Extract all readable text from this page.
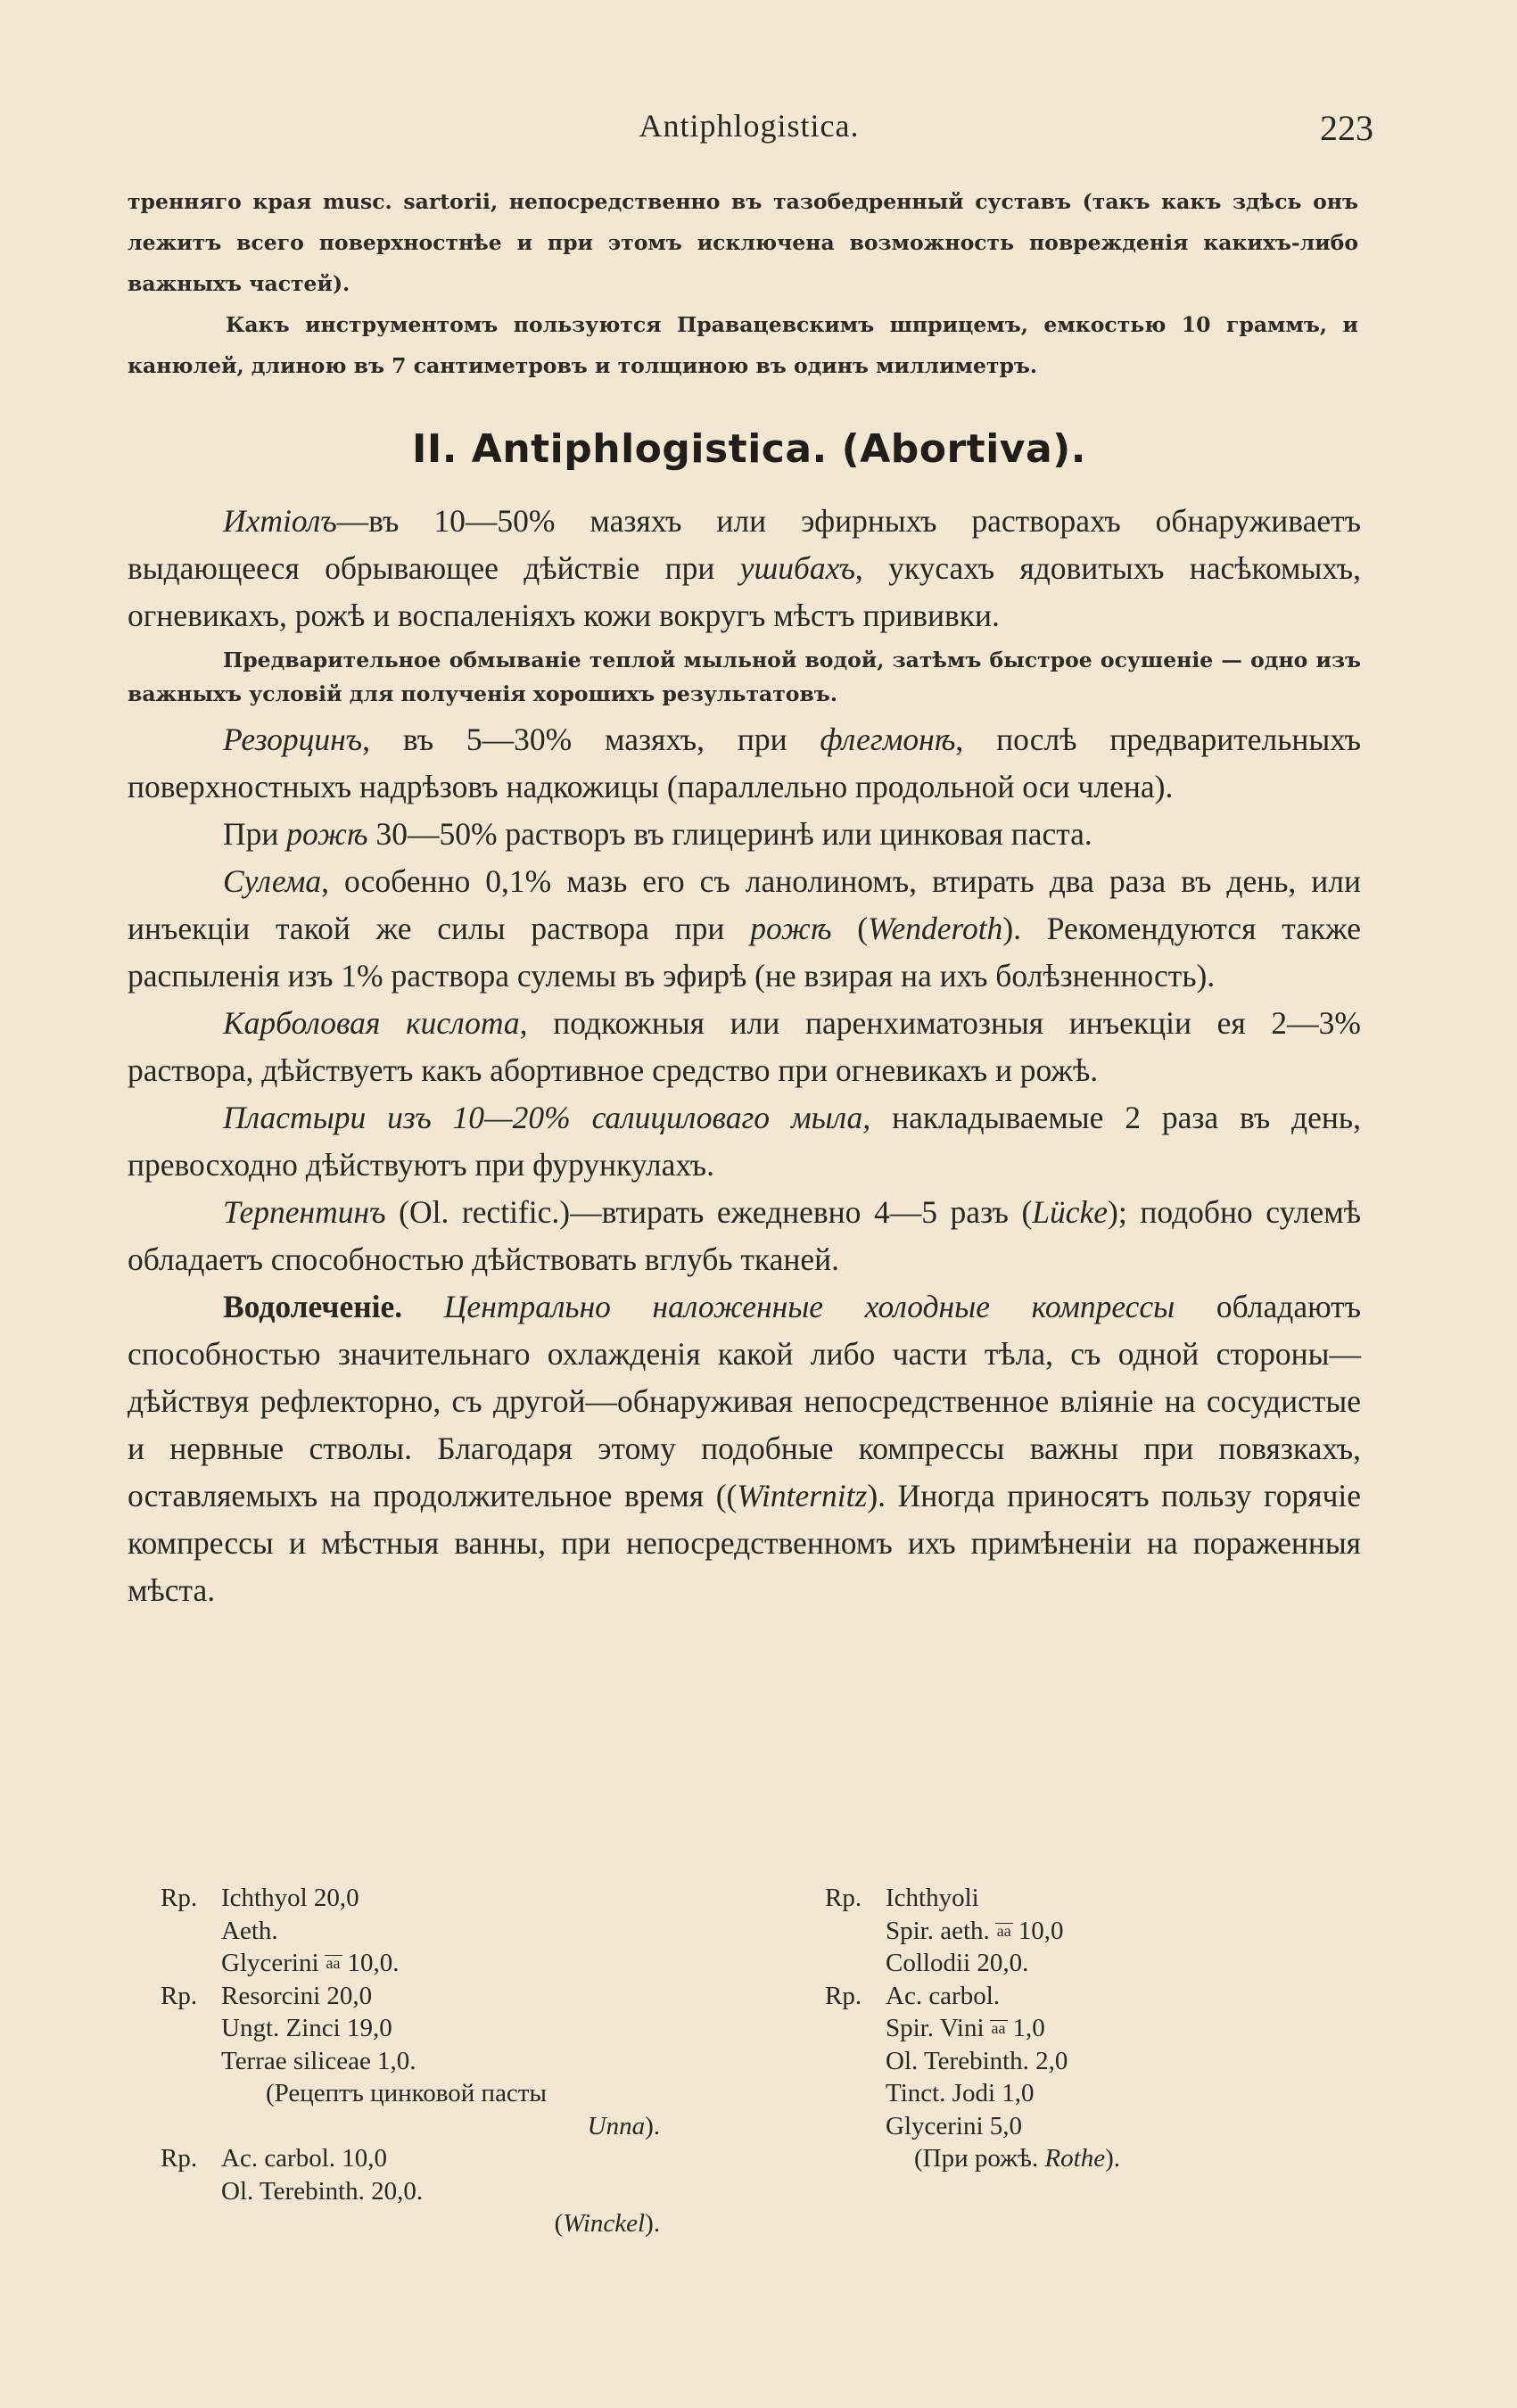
Antiphlogistica.	223

тренняго края musc. sartorii, непосредственно въ тазобедренный суставъ (такъ какъ здѣсь онъ лежитъ всего поверхностнѣе и при этомъ исключена возможность поврежденія какихъ-либо важныхъ частей).

Какъ инструментомъ пользуются Правацевскимъ шприцемъ, емкостью 10 граммъ, и канюлей, длиною въ 7 сантиметровъ и толщиною въ одинъ миллиметръ.

II. Antiphlogistica. (Abortiva).

Ихтіолъ—въ 10—50% мазяхъ или эфирныхъ растворахъ обнаруживаетъ выдающееся обрывающее дѣйствіе при ушибахъ, укусахъ ядовитыхъ насѣкомыхъ, огневикахъ, рожѣ и воспаленіяхъ кожи вокругъ мѣстъ прививки.

Предварительное обмываніе теплой мыльной водой, затѣмъ быстрое осушеніе — одно изъ важныхъ условій для полученія хорошихъ результатовъ.

Резорцинъ, въ 5—30% мазяхъ, при флегмонѣ, послѣ предварительныхъ поверхностныхъ надрѣзовъ надкожицы (параллельно продольной оси члена).

При рожѣ 30—50% растворъ въ глицеринѣ или цинковая паста.

Сулема, особенно 0,1% мазь его съ ланолиномъ, втирать два раза въ день, или инъекціи такой же силы раствора при рожѣ (Wenderoth). Рекомендуются также распыленія изъ 1% раствора сулемы въ эфирѣ (не взирая на ихъ болѣзненность).

Карболовая кислота, подкожныя или паренхиматозныя инъекціи ея 2—3% раствора, дѣйствуетъ какъ абортивное средство при огневикахъ и рожѣ.

Пластыри изъ 10—20% салициловаго мыла, накладываемые 2 раза въ день, превосходно дѣйствуютъ при фурункулахъ.

Терпентинъ (Ol. rectific.)—втирать ежедневно 4—5 разъ (Lücke); подобно сулемѣ обладаетъ способностью дѣйствовать вглубь тканей.

Водолеченіе. Центрально наложенные холодные компрессы обладаютъ способностью значительнаго охлажденія какой либо части тѣла, съ одной стороны—дѣйствуя рефлекторно, съ другой—обнаруживая непосредственное вліяніе на сосудистые и нервные стволы. Благодаря этому подобные компрессы важны при повязкахъ, оставляемыхъ на продолжительное время ((Winternitz). Иногда приносятъ пользу горячіе компрессы и мѣстныя ванны, при непосредственномъ ихъ примѣненіи на пораженныя мѣста.

Rp. Ichthyol 20,0
Aeth.
Glycerini aa 10,0.
Rp. Resorcini 20,0
Ungt. Zinci 19,0
Terrae siliceae 1,0.
(Рецептъ цинковой пасты
Unna).
Rp. Ac. carbol. 10,0
Ol. Terebinth. 20,0.
(Winckel).
Rp. Ichthyoli
Spir. aeth. aa 10,0
Collodii 20,0.
Rp. Ac. carbol.
Spir. Vini aa 1,0
Ol. Terebinth. 2,0
Tinct. Jodi 1,0
Glycerini 5,0
(При рожѣ. Rothe).
